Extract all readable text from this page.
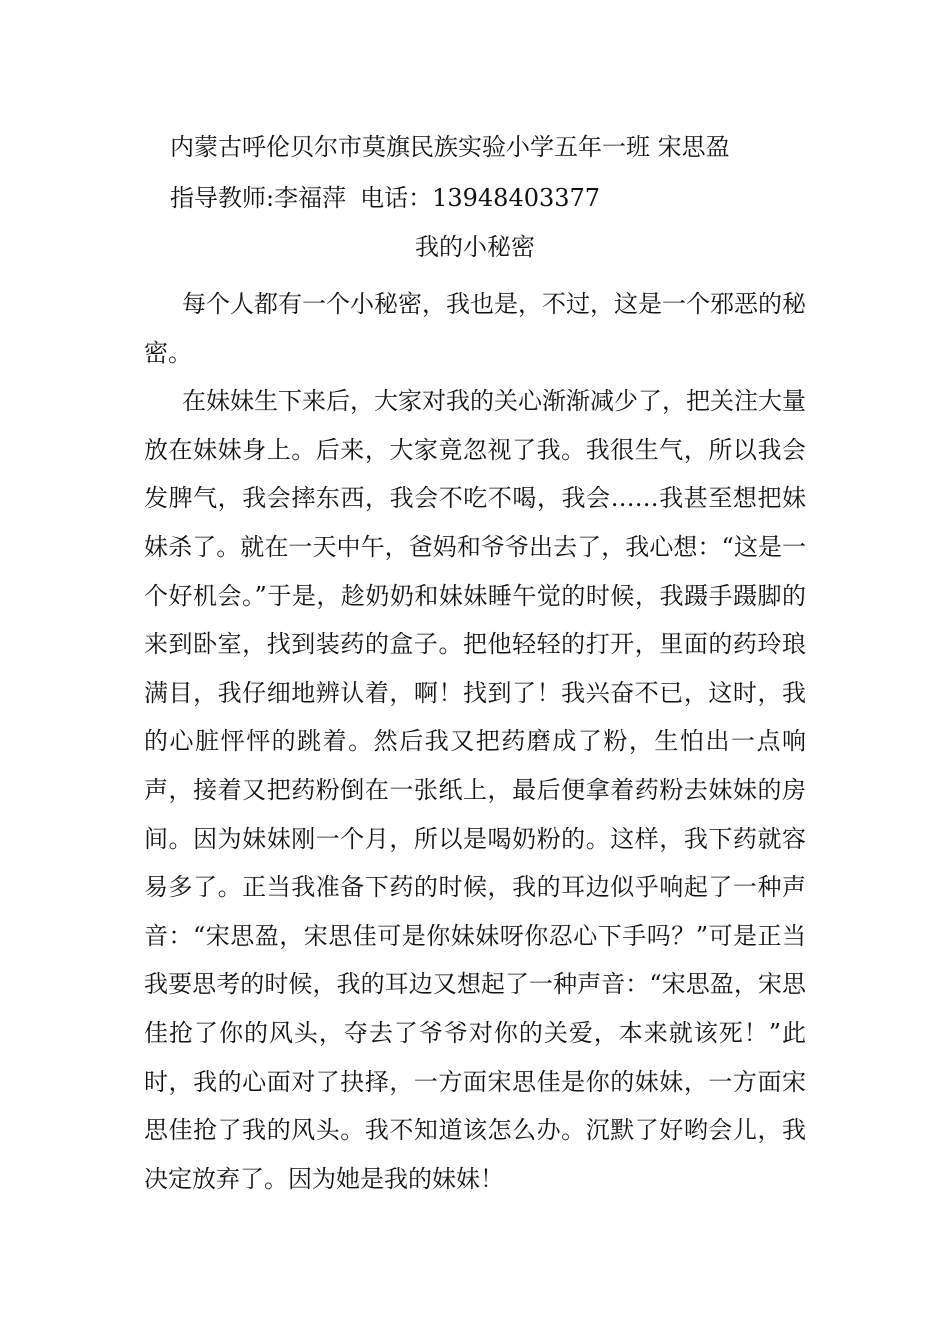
内蒙古呼伦贝尔市莫旗民族实验小学五年一班 宋思盈
指导教师:李福萍 电话：13948403377
我的小秘密

每个人都有一个小秘密，我也是，不过，这是一个邪恶的秘密。

在妹妹生下来后，大家对我的关心渐渐减少了，把关注大量放在妹妹身上。后来，大家竟忽视了我。我很生气，所以我会发脾气，我会摔东西，我会不吃不喝，我会……我甚至想把妹妹杀了。就在一天中午，爸妈和爷爷出去了，我心想：“这是一个好机会。”于是，趁奶奶和妹妹睡午觉的时候，我蹑手蹑脚的来到卧室，找到装药的盒子。把他轻轻的打开，里面的药玲琅满目，我仔细地辨认着，啊！找到了！我兴奋不已，这时，我的心脏怦怦的跳着。然后我又把药磨成了粉，生怕出一点响声，接着又把药粉倒在一张纸上，最后便拿着药粉去妹妹的房间。因为妹妹刚一个月，所以是喝奶粉的。这样，我下药就容易多了。正当我准备下药的时候，我的耳边似乎响起了一种声音：“宋思盈，宋思佳可是你妹妹呀你忍心下手吗？”可是正当我要思考的时候，我的耳边又想起了一种声音：“宋思盈，宋思佳抢了你的风头，夺去了爷爷对你的关爱，本来就该死！”此时，我的心面对了抉择，一方面宋思佳是你的妹妹，一方面宋思佳抢了我的风头。我不知道该怎么办。沉默了好哟会儿，我决定放弃了。因为她是我的妹妹！
